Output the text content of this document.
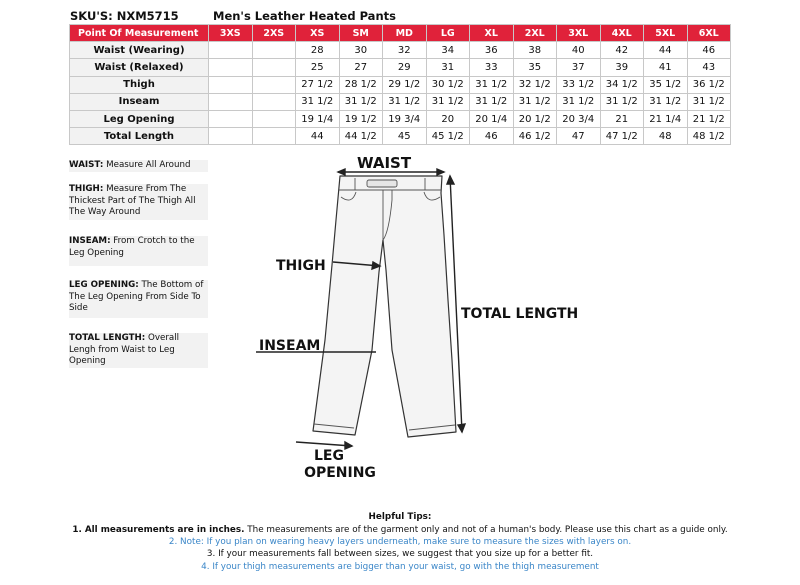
SKU'S: NXM5715	Men's Leather Heated Pants
Point Of Measurement	3XS	2XS	XS	SM	MD	LG	XL	2XL	3XL	4XL	5XL	6XL
Waist (Wearing)			28	30	32	34	36	38	40	42	44	46
Waist (Relaxed)			25	27	29	31	33	35	37	39	41	43
Thigh			27 1/2	28 1/2	29 1/2	30 1/2	31 1/2	32 1/2	33 1/2	34 1/2	35 1/2	36 1/2
Inseam			31 1/2	31 1/2	31 1/2	31 1/2	31 1/2	31 1/2	31 1/2	31 1/2	31 1/2	31 1/2
Leg Opening			19 1/4	19 1/2	19 3/4	20	20 1/4	20 1/2	20 3/4	21	21 1/4	21 1/2
Total Length			44	44 1/2	45	45 1/2	46	46 1/2	47	47 1/2	48	48 1/2
WAIST: Measure All Around
THIGH: Measure From The Thickest Part of The Thigh All The Way Around
INSEAM: From Crotch to the Leg Opening
LEG OPENING: The Bottom of The Leg Opening From Side To Side
TOTAL LENGTH: Overall Lengh from Waist to Leg Opening
WAIST
THIGH
INSEAM
TOTAL LENGTH
LEG
OPENING
Helpful Tips:
1. All measurements are in inches. The measurements are of the garment only and not of a human's body. Please use this chart as a guide only.
2. Note: If you plan on wearing heavy layers underneath, make sure to measure the sizes with layers on.
3. If your measurements fall between sizes, we suggest that you size up for a better fit.
4. If your thigh measurements are bigger than your waist, go with the thigh measurement
